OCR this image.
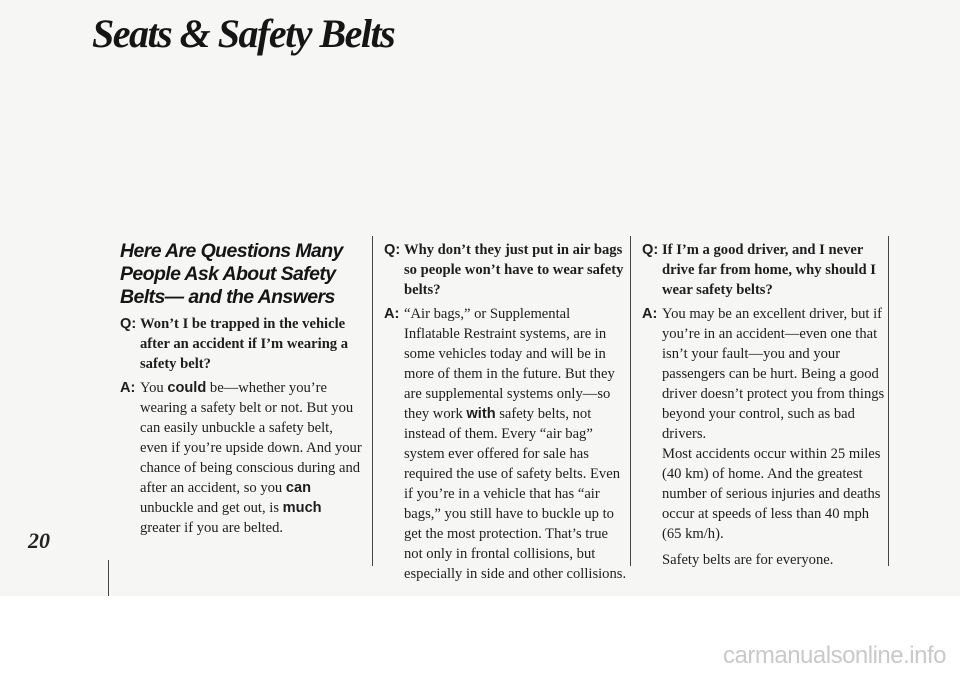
Seats & Safety Belts
Here Are Questions Many People Ask About Safety Belts— and the Answers
Q: Won’t I be trapped in the vehicle after an accident if I’m wearing a safety belt?
A: You could be—whether you’re wearing a safety belt or not. But you can easily unbuckle a safety belt, even if you’re upside down. And your chance of being conscious during and after an accident, so you can unbuckle and get out, is much greater if you are belted.
Q: Why don’t they just put in air bags so people won’t have to wear safety belts?
A: “Air bags,” or Supplemental Inflatable Restraint systems, are in some vehicles today and will be in more of them in the future. But they are supplemental systems only—so they work with safety belts, not instead of them. Every “air bag” system ever offered for sale has required the use of safety belts. Even if you’re in a vehicle that has “air bags,” you still have to buckle up to get the most protection. That’s true not only in frontal collisions, but especially in side and other collisions.
Q: If I’m a good driver, and I never drive far from home, why should I wear safety belts?
A: You may be an excellent driver, but if you’re in an accident—even one that isn’t your fault—you and your passengers can be hurt. Being a good driver doesn’t protect you from things beyond your control, such as bad drivers.

Most accidents occur within 25 miles (40 km) of home. And the greatest number of serious injuries and deaths occur at speeds of less than 40 mph (65 km/h).

Safety belts are for everyone.

20

carmanualsonline.info
